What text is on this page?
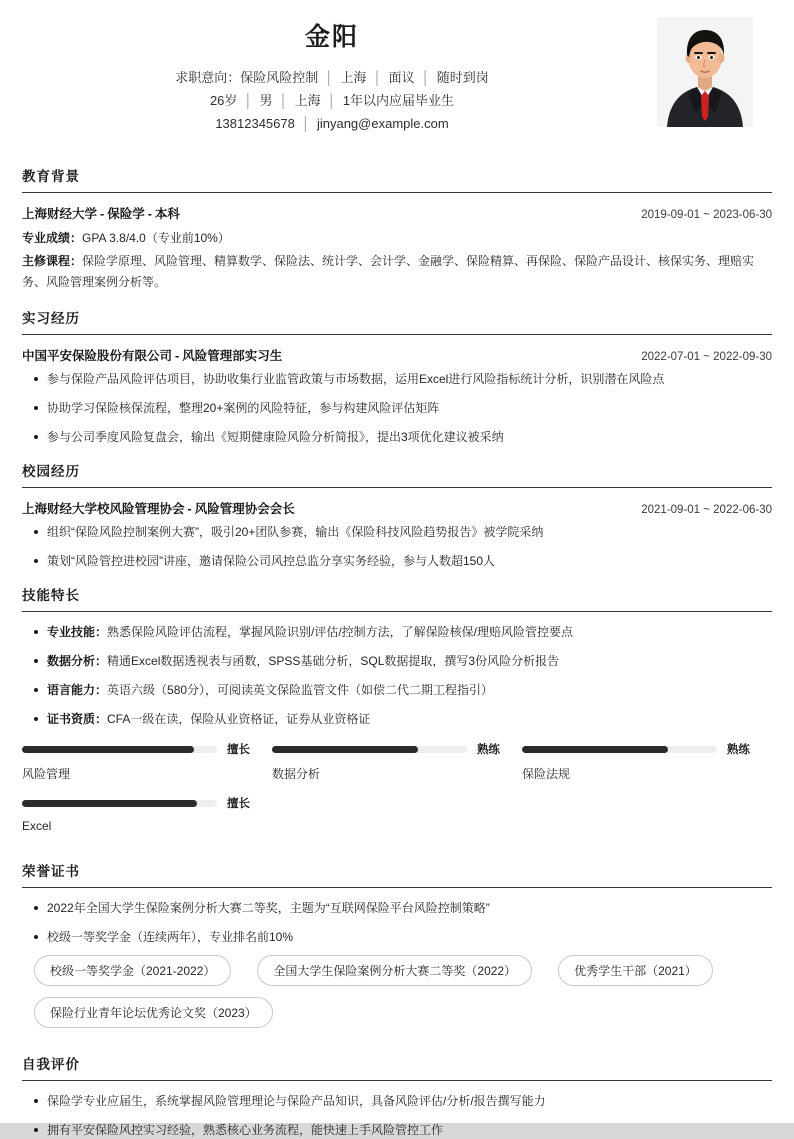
金阳
求职意向：保险风险控制 │ 上海 │ 面议 │ 随时到岗
26岁 │ 男 │ 上海 │ 1年以内应届毕业生
13812345678 │ jinyang@example.com
教育背景
上海财经大学 - 保险学 - 本科	2019-09-01 ~ 2023-06-30
专业成绩：GPA 3.8/4.0（专业前10%）
主修课程：保险学原理、风险管理、精算数学、保险法、统计学、会计学、金融学、保险精算、再保险、保险产品设计、核保实务、理赔实务、风险管理案例分析等。
实习经历
中国平安保险股份有限公司 - 风险管理部实习生	2022-07-01 ~ 2022-09-30
参与保险产品风险评估项目，协助收集行业监管政策与市场数据，运用Excel进行风险指标统计分析，识别潜在风险点
协助学习保险核保流程，整理20+案例的风险特征，参与构建风险评估矩阵
参与公司季度风险复盘会，输出《短期健康险风险分析简报》，提出3项优化建议被采纳
校园经历
上海财经大学校风险管理协会 - 风险管理协会会长	2021-09-01 ~ 2022-06-30
组织“保险风险控制案例大赛”，吸引20+团队参赛，输出《保险科技风险趋势报告》被学院采纳
策划“风险管控进校园”讲座，邀请保险公司风控总监分享实务经验，参与人数超150人
技能特长
专业技能：熟悉保险风险评估流程，掌握风险识别/评估/控制方法，了解保险核保/理赔风险管控要点
数据分析：精通Excel数据透视表与函数，SPSS基础分析，SQL数据提取，撰写3份风险分析报告
语言能力：英语六级（580分），可阅读英文保险监管文件（如偿二代二期工程指引）
证书资质：CFA一级在读，保险从业资格证，证券从业资格证
擅长
风险管理
熟练
数据分析
熟练
保险法规
擅长
Excel
荣誉证书
2022年全国大学生保险案例分析大赛二等奖，主题为“互联网保险平台风险控制策略”
校级一等奖学金（连续两年），专业排名前10%
校级一等奖学金（2021-2022）	全国大学生保险案例分析大赛二等奖（2022）	优秀学生干部（2021）
保险行业青年论坛优秀论文奖（2023）
自我评价
保险学专业应届生，系统掌握风险管理理论与保险产品知识，具备风险评估/分析/报告撰写能力
拥有平安保险风控实习经验，熟悉核心业务流程，能快速上手风险管控工作
